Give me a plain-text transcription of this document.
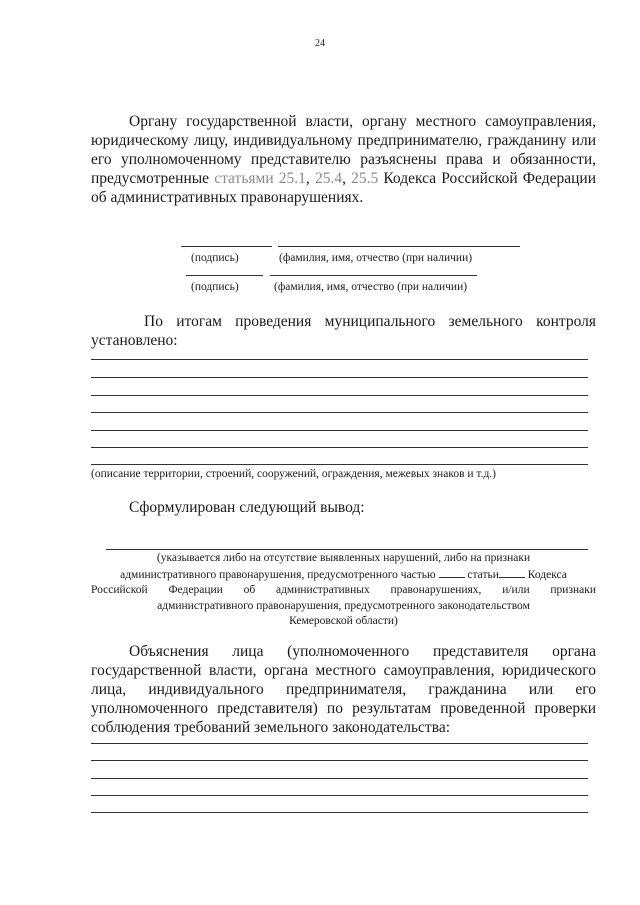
24
Органу государственной власти, органу местного самоуправления, юридическому лицу, индивидуальному предпринимателю, гражданину или его уполномоченному представителю разъяснены права и обязанности, предусмотренные статьями 25.1, 25.4, 25.5 Кодекса Российской Федерации об административных правонарушениях.
(подпись)	(фамилия, имя, отчество (при наличии)
(подпись)	(фамилия, имя, отчество (при наличии)
По итогам проведения муниципального земельного контроля установлено:
(описание территории, строений, сооружений, ограждения, межевых знаков и т.д.)
Сформулирован следующий вывод:
(указывается либо на отсутствие выявленных нарушений, либо на признаки
административного правонарушения, предусмотренного частью	статьи	Кодекса
Российской Федерации об административных правонарушениях, и/или признаки
административного правонарушения, предусмотренного законодательством
Кемеровской области)
Объяснения лица (уполномоченного представителя органа государственной власти, органа местного самоуправления, юридического лица, индивидуального предпринимателя, гражданина или его уполномоченного представителя) по результатам проведенной проверки соблюдения требований земельного законодательства:
